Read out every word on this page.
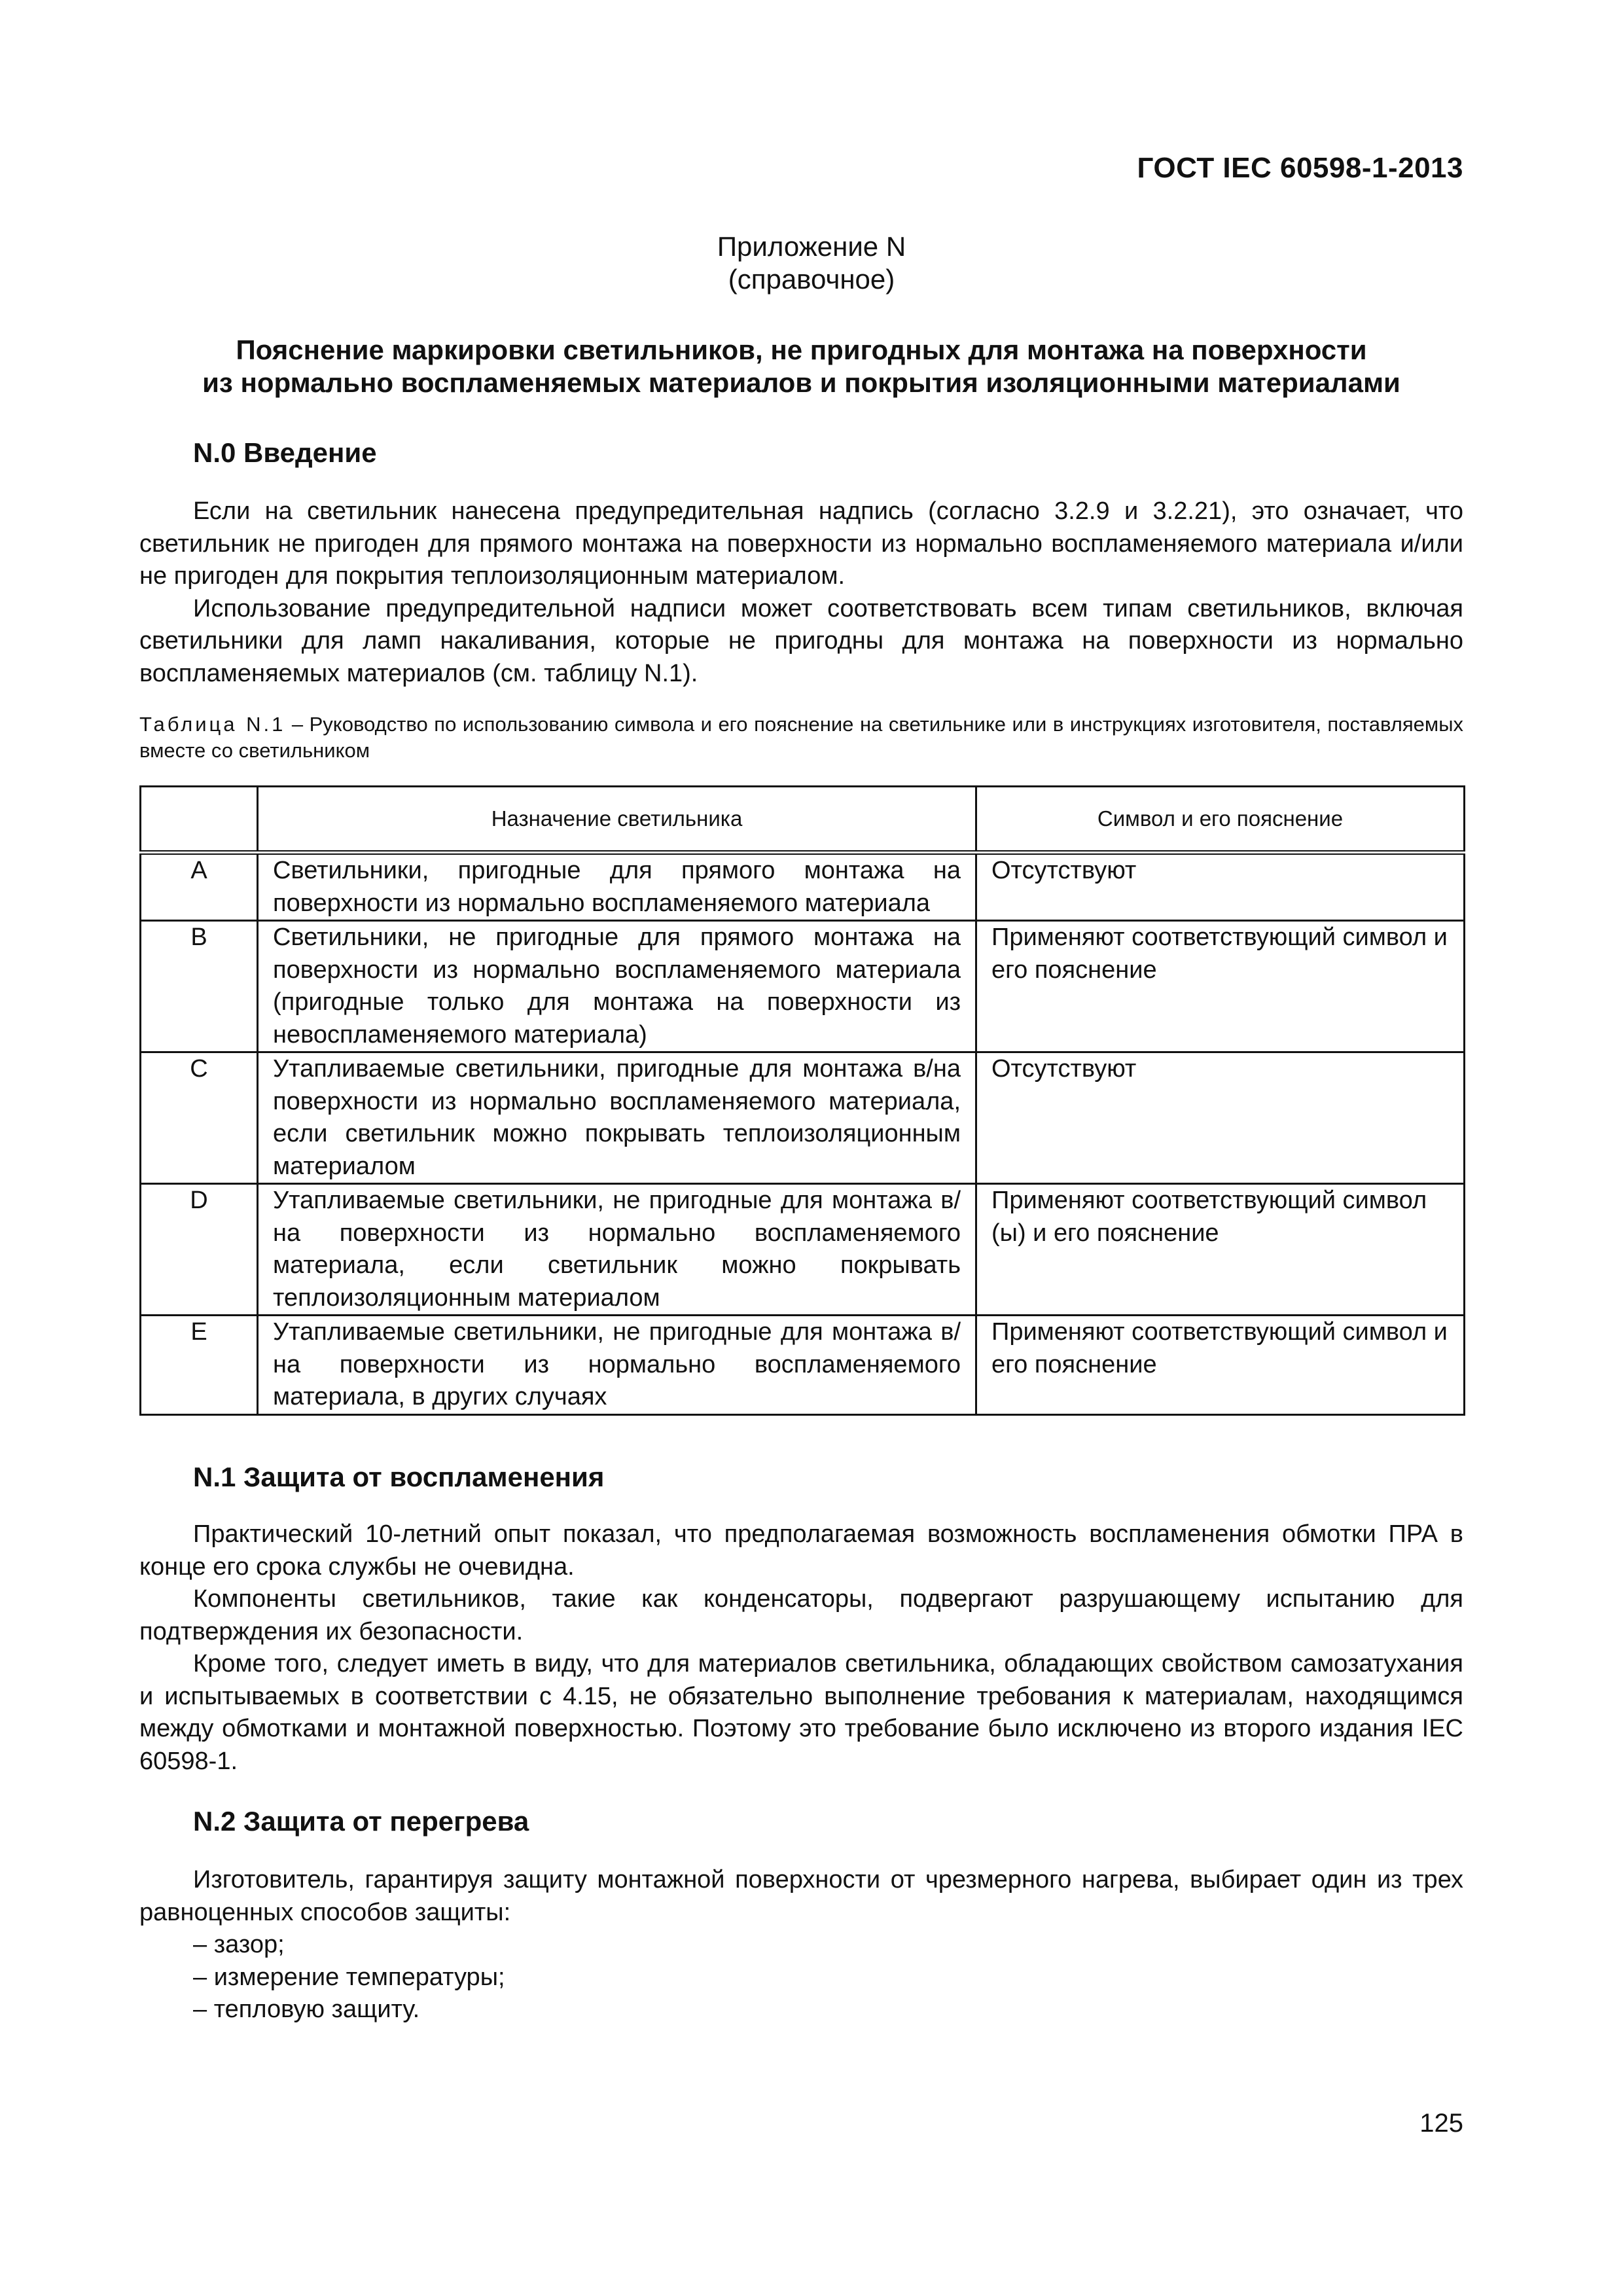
ГОСТ IEC 60598-1-2013
Приложение N
(справочное)
Пояснение маркировки светильников, не пригодных для монтажа на поверхности
из нормально воспламеняемых материалов и покрытия изоляционными материалами
N.0 Введение

Если на светильник нанесена предупредительная надпись (согласно 3.2.9 и 3.2.21), это означает, что светильник не пригоден для прямого монтажа на поверхности из нормально воспламеняемого материала и/или не пригоден для покрытия теплоизоляционным материалом.

Использование предупредительной надписи может соответствовать всем типам светильников, включая светильники для ламп накаливания, которые не пригодны для монтажа на поверхности из нормально воспламеняемых материалов (см. таблицу N.1).

Таблица N.1 – Руководство по использованию символа и его пояснение на светильнике или в инструкциях изготовителя, поставляемых вместе со светильником
	Назначение светильника	Символ и его пояснение
A	Светильники, пригодные для прямого монтажа на поверхности из нормально воспламеняемого материала	Отсутствуют
B	Светильники, не пригодные для прямого монтажа на поверхности из нормально воспламеняемого материала (пригодные только для монтажа на поверхности из невоспламеняемого материала)	Применяют соответствующий символ и его пояснение
C	Утапливаемые светильники, пригодные для монтажа в/на поверхности из нормально воспламеняемого материала, если светильник можно покрывать теплоизоляционным материалом	Отсутствуют
D	Утапливаемые светильники, не пригодные для монтажа в/на поверхности из нормально воспламеняемого материала, если светильник можно покрывать теплоизоляционным материалом	Применяют соответствующий символ (ы) и его пояснение
E	Утапливаемые светильники, не пригодные для монтажа в/на поверхности из нормально воспламеняемого материала, в других случаях	Применяют соответствующий символ и его пояснение
N.1 Защита от воспламенения

Практический 10-летний опыт показал, что предполагаемая возможность воспламенения обмотки ПРА в конце его срока службы не очевидна.

Компоненты светильников, такие как конденсаторы, подвергают разрушающему испытанию для подтверждения их безопасности.

Кроме того, следует иметь в виду, что для материалов светильника, обладающих свойством самозатухания и испытываемых в соответствии с 4.15, не обязательно выполнение требования к материалам, находящимся между обмотками и монтажной поверхностью. Поэтому это требование было исключено из второго издания IEC 60598-1.

N.2 Защита от перегрева

Изготовитель, гарантируя защиту монтажной поверхности от чрезмерного нагрева, выбирает один из трех равноценных способов защиты:

– зазор;
– измерение температуры;
– тепловую защиту.
125
